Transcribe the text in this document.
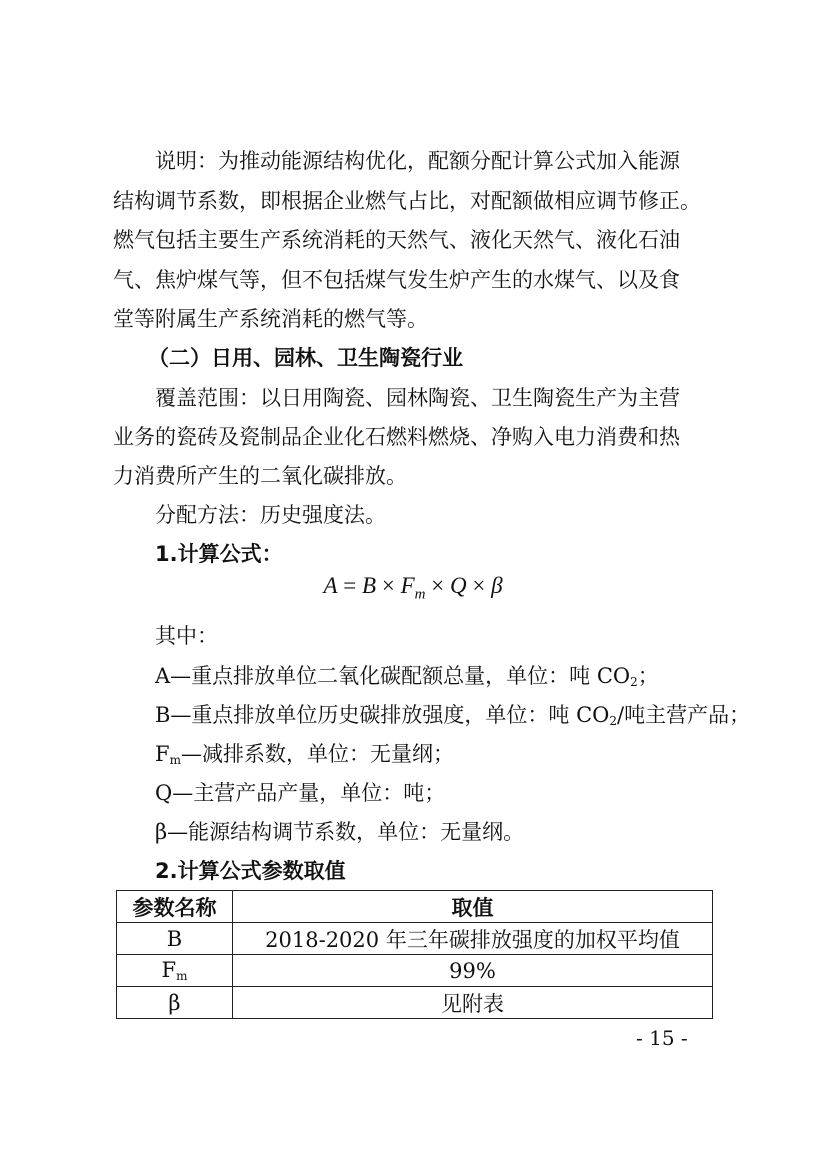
说明：为推动能源结构优化，配额分配计算公式加入能源
结构调节系数，即根据企业燃气占比，对配额做相应调节修正。
燃气包括主要生产系统消耗的天然气、液化天然气、液化石油
气、焦炉煤气等，但不包括煤气发生炉产生的水煤气、以及食
堂等附属生产系统消耗的燃气等。
（二）日用、园林、卫生陶瓷行业
覆盖范围：以日用陶瓷、园林陶瓷、卫生陶瓷生产为主营
业务的瓷砖及瓷制品企业化石燃料燃烧、净购入电力消费和热
力消费所产生的二氧化碳排放。
分配方法：历史强度法。
1.计算公式：
$A = B \times F_m \times Q \times \beta$
其中：
A—重点排放单位二氧化碳配额总量，单位：吨 $CO_2$；
B—重点排放单位历史碳排放强度，单位：吨 $CO_2/$吨主营产品；
$F_m—$减排系数，单位：无量纲；
Q—主营产品产量，单位：吨；
β—能源结构调节系数，单位：无量纲。
2.计算公式参数取值
参数名称	取值
B	2018-2020 年三年碳排放强度的加权平均值
$F_m$	99%
β	见附表
- 15 -
